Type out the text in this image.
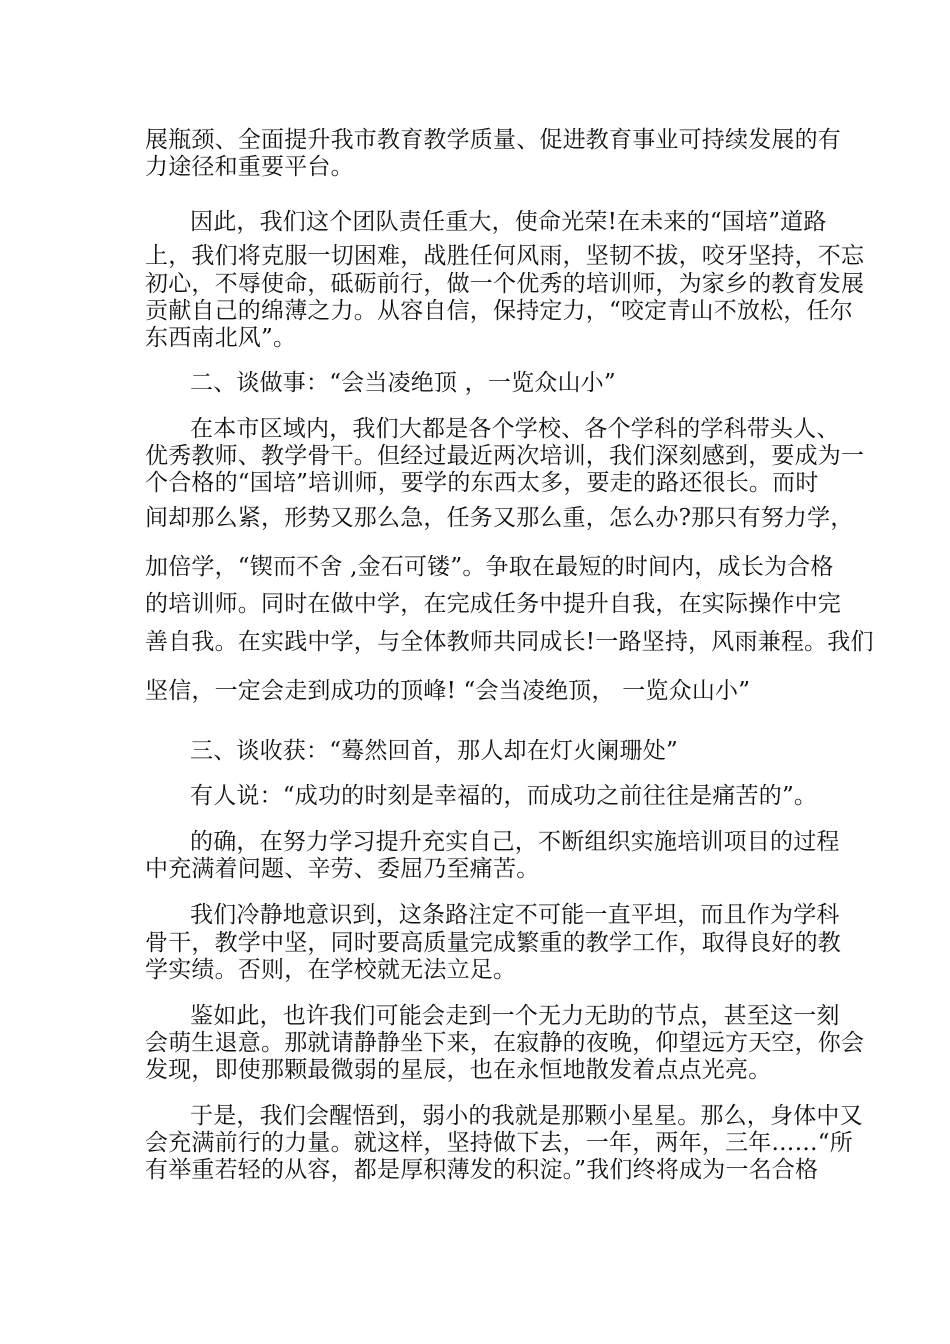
展瓶颈、全面提升我市教育教学质量、促进教育事业可持续发展的有
力途径和重要平台。
因此，我们这个团队责任重大，使命光荣!在未来的“国培”道路
上，我们将克服一切困难，战胜任何风雨，坚韧不拔，咬牙坚持，不忘
初心，不辱使命，砥砺前行，做一个优秀的培训师，为家乡的教育发展
贡献自己的绵薄之力。从容自信，保持定力，“咬定青山不放松，任尔
东西南北风”。
二、谈做事：“会当凌绝顶 ，一览众山小”
在本市区域内，我们大都是各个学校、各个学科的学科带头人、
优秀教师、教学骨干。但经过最近两次培训，我们深刻感到，要成为一
个合格的“国培”培训师，要学的东西太多，要走的路还很长。而时
间却那么紧，形势又那么急，任务又那么重，怎么办?那只有努力学，
加倍学，“锲而不舍 ,金石可镂”。争取在最短的时间内，成长为合格
的培训师。同时在做中学，在完成任务中提升自我，在实际操作中完
善自我。在实践中学，与全体教师共同成长!一路坚持，风雨兼程。我们
坚信，一定会走到成功的顶峰! “会当凌绝顶， 一览众山小”
三、谈收获：“蓦然回首，那人却在灯火阑珊处”
有人说：“成功的时刻是幸福的，而成功之前往往是痛苦的”。
的确，在努力学习提升充实自己，不断组织实施培训项目的过程
中充满着问题、辛劳、委屈乃至痛苦。
我们冷静地意识到，这条路注定不可能一直平坦，而且作为学科
骨干，教学中坚，同时要高质量完成繁重的教学工作，取得良好的教
学实绩。否则，在学校就无法立足。
鉴如此，也许我们可能会走到一个无力无助的节点，甚至这一刻
会萌生退意。那就请静静坐下来，在寂静的夜晚，仰望远方天空，你会
发现，即使那颗最微弱的星辰，也在永恒地散发着点点光亮。
于是，我们会醒悟到，弱小的我就是那颗小星星。那么，身体中又
会充满前行的力量。就这样，坚持做下去，一年，两年，三年……“所
有举重若轻的从容，都是厚积薄发的积淀。”我们终将成为一名合格
